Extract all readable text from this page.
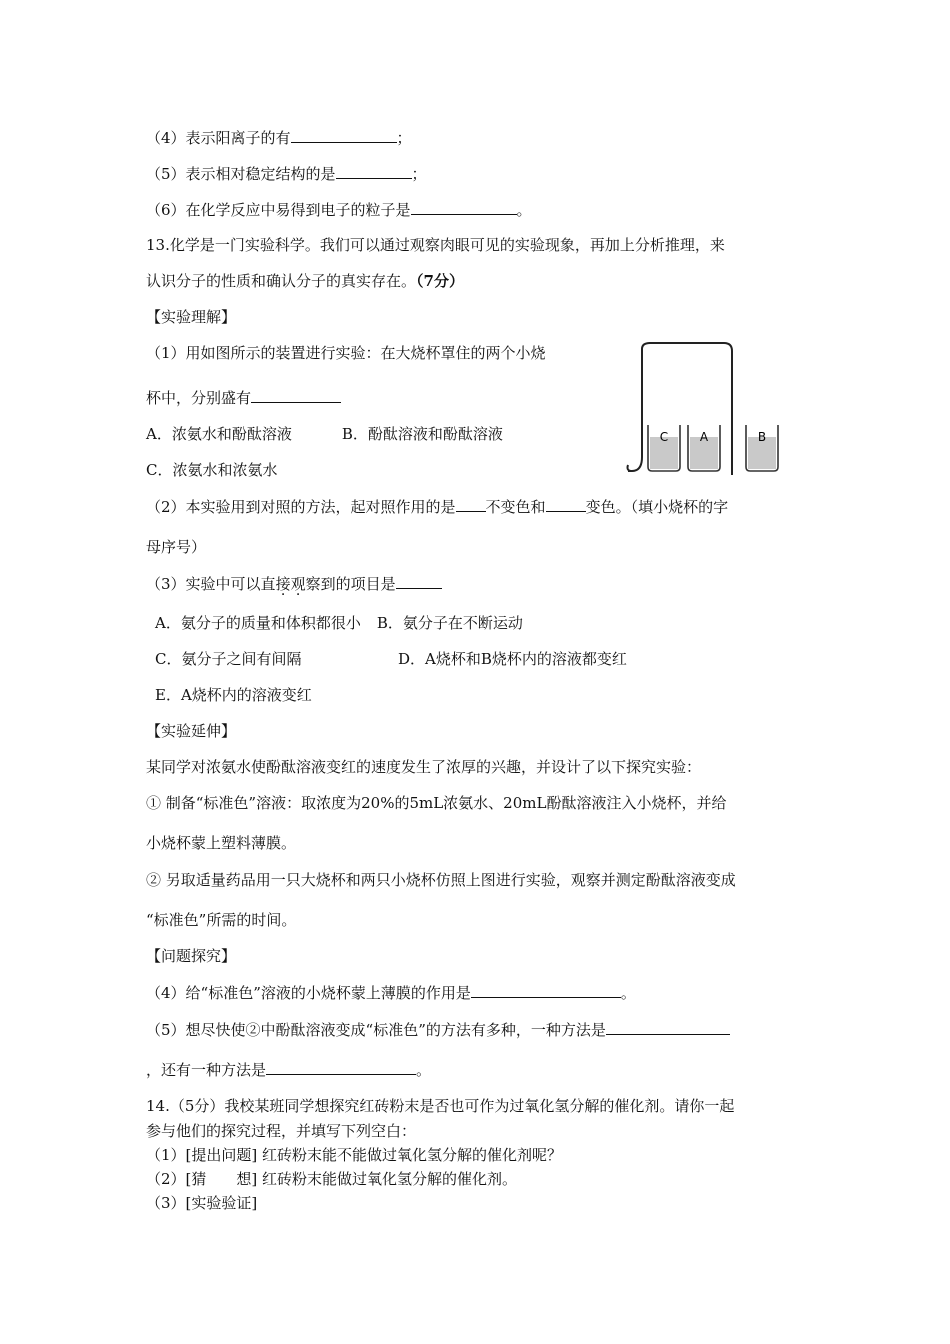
（4）表示阳离子的有	；
（5）表示相对稳定结构的是	；
（6）在化学反应中易得到电子的粒子是	。
13.化学是一门实验科学。我们可以通过观察肉眼可见的实验现象，再加上分析推理，来
认识分子的性质和确认分子的真实存在。（7分）
【实验理解】
（1）用如图所示的装置进行实验：在大烧杯罩住的两个小烧
杯中，分别盛有
A．浓氨水和酚酞溶液	B．酚酞溶液和酚酞溶液
C．浓氨水和浓氨水
C	A	B
（2）本实验用到对照的方法，起对照作用的是 不变色和	变色。（填小烧杯的字
母序号）
（3）实验中可以直接观察到的项目是
A．氨分子的质量和体积都很小 B．氨分子在不断运动
C．氨分子之间有间隔	D．A烧杯和B烧杯内的溶液都变红
E．A烧杯内的溶液变红
【实验延伸】
某同学对浓氨水使酚酞溶液变红的速度发生了浓厚的兴趣，并设计了以下探究实验：
① 制备“标准色”溶液：取浓度为20%的5mL浓氨水、20mL酚酞溶液注入小烧杯，并给
小烧杯蒙上塑料薄膜。
② 另取适量药品用一只大烧杯和两只小烧杯仿照上图进行实验，观察并测定酚酞溶液变成
“标准色”所需的时间。
【问题探究】
（4）给“标准色”溶液的小烧杯蒙上薄膜的作用是	。
（5）想尽快使②中酚酞溶液变成“标准色”的方法有多种，一种方法是
，还有一种方法是	。
14.（5分）我校某班同学想探究红砖粉末是否也可作为过氧化氢分解的催化剂。请你一起
参与他们的探究过程，并填写下列空白：
（1）[提出问题] 红砖粉末能不能做过氧化氢分解的催化剂呢？
（2）[猜　　想] 红砖粉末能做过氧化氢分解的催化剂。
（3）[实验验证]
